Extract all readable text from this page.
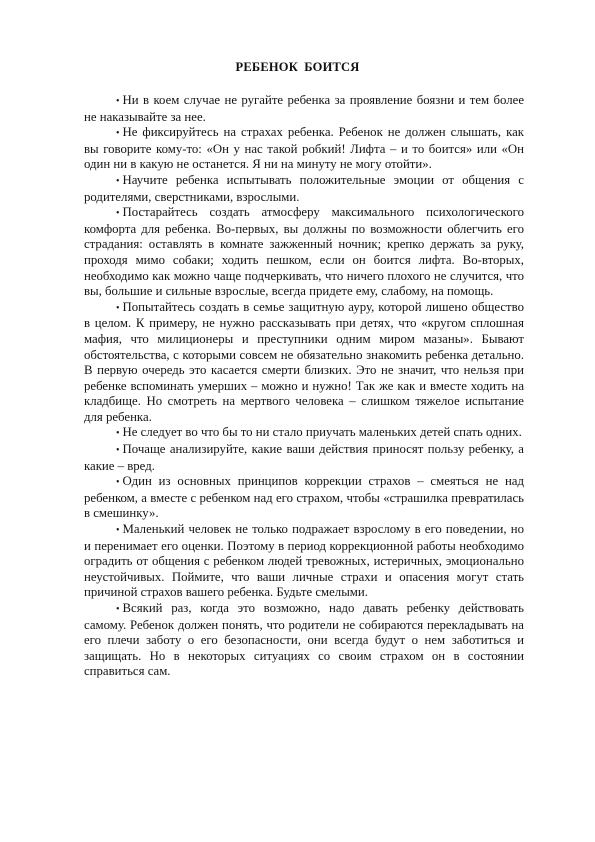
РЕБЕНОК БОИТСЯ

• Ни в коем случае не ругайте ребенка за проявление боязни и тем более не наказывайте за нее.

• Не фиксируйтесь на страхах ребенка. Ребенок не должен слышать, как вы говорите кому-то: «Он у нас такой робкий! Лифта – и то боится» или «Он один ни в какую не останется. Я ни на минуту не могу отойти».

• Научите ребенка испытывать положительные эмоции от общения с родителями, сверстниками, взрослыми.

• Постарайтесь создать атмосферу максимального психологического комфорта для ребенка. Во-первых, вы должны по возможности облегчить его страдания: оставлять в комнате зажженный ночник; крепко держать за руку, проходя мимо собаки; ходить пешком, если он боится лифта. Во-вторых, необходимо как можно чаще подчеркивать, что ничего плохого не случится, что вы, большие и сильные взрослые, всегда придете ему, слабому, на помощь.

• Попытайтесь создать в семье защитную ауру, которой лишено общество в целом. К примеру, не нужно рассказывать при детях, что «кругом сплошная мафия, что милиционеры и преступники одним миром мазаны». Бывают обстоятельства, с которыми совсем не обязательно знакомить ребенка детально. В первую очередь это касается смерти близких. Это не значит, что нельзя при ребенке вспоминать умерших – можно и нужно! Так же как и вместе ходить на кладбище. Но смотреть на мертвого человека – слишком тяжелое испытание для ребенка.

• Не следует во что бы то ни стало приучать маленьких детей спать одних.

• Почаще анализируйте, какие ваши действия приносят пользу ребенку, а какие – вред.

• Один из основных принципов коррекции страхов – смеяться не над ребенком, а вместе с ребенком над его страхом, чтобы «страшилка превратилась в смешинку».

• Маленький человек не только подражает взрослому в его поведении, но и перенимает его оценки. Поэтому в период коррекционной работы необходимо оградить от общения с ребенком людей тревожных, истеричных, эмоционально неустойчивых. Поймите, что ваши личные страхи и опасения могут стать причиной страхов вашего ребенка. Будьте смелыми.

• Всякий раз, когда это возможно, надо давать ребенку действовать самому. Ребенок должен понять, что родители не собираются перекладывать на его плечи заботу о его безопасности, они всегда будут о нем заботиться и защищать. Но в некоторых ситуациях со своим страхом он в состоянии справиться сам.
